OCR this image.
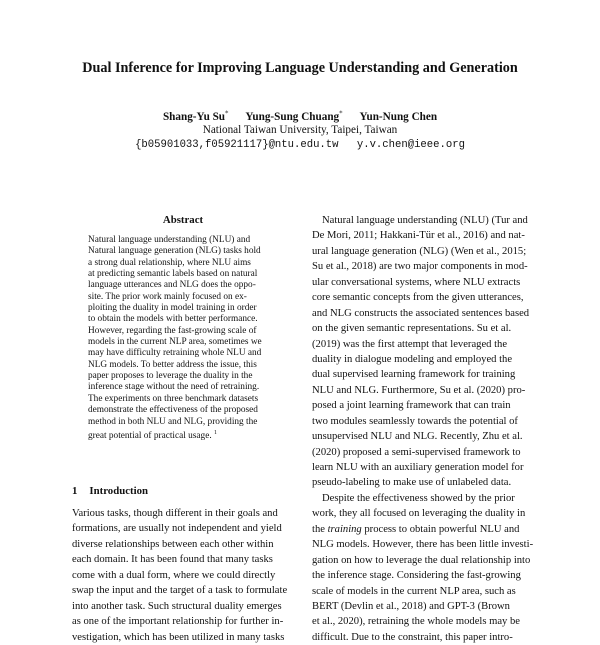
Dual Inference for Improving Language Understanding and Generation
Shang-Yu Su* Yung-Sung Chuang* Yun-Nung Chen
National Taiwan University, Taipei, Taiwan
{b05901033,f05921117}@ntu.edu.tw y.v.chen@ieee.org
Abstract
Natural language understanding (NLU) and
Natural language generation (NLG) tasks hold
a strong dual relationship, where NLU aims
at predicting semantic labels based on natural
language utterances and NLG does the oppo-
site. The prior work mainly focused on ex-
ploiting the duality in model training in order
to obtain the models with better performance.
However, regarding the fast-growing scale of
models in the current NLP area, sometimes we
may have difficulty retraining whole NLU and
NLG models. To better address the issue, this
paper proposes to leverage the duality in the
inference stage without the need of retraining.
The experiments on three benchmark datasets
demonstrate the effectiveness of the proposed
method in both NLU and NLG, providing the
great potential of practical usage. $^1$
1 Introduction
Various tasks, though different in their goals and
formations, are usually not independent and yield
diverse relationships between each other within
each domain. It has been found that many tasks
come with a dual form, where we could directly
swap the input and the target of a task to formulate
into another task. Such structural duality emerges
as one of the important relationship for further in-
vestigation, which has been utilized in many tasks
Natural language understanding (NLU) (Tur and
De Mori, 2011; Hakkani-Tür et al., 2016) and nat-
ural language generation (NLG) (Wen et al., 2015;
Su et al., 2018) are two major components in mod-
ular conversational systems, where NLU extracts
core semantic concepts from the given utterances,
and NLG constructs the associated sentences based
on the given semantic representations. Su et al.
(2019) was the first attempt that leveraged the
duality in dialogue modeling and employed the
dual supervised learning framework for training
NLU and NLG. Furthermore, Su et al. (2020) pro-
posed a joint learning framework that can train
two modules seamlessly towards the potential of
unsupervised NLU and NLG. Recently, Zhu et al.
(2020) proposed a semi-supervised framework to
learn NLU with an auxiliary generation model for
pseudo-labeling to make use of unlabeled data.
Despite the effectiveness showed by the prior
work, they all focused on leveraging the duality in
the training process to obtain powerful NLU and
NLG models. However, there has been little investi-
gation on how to leverage the dual relationship into
the inference stage. Considering the fast-growing
scale of models in the current NLP area, such as
BERT (Devlin et al., 2018) and GPT-3 (Brown
et al., 2020), retraining the whole models may be
difficult. Due to the constraint, this paper intro-
